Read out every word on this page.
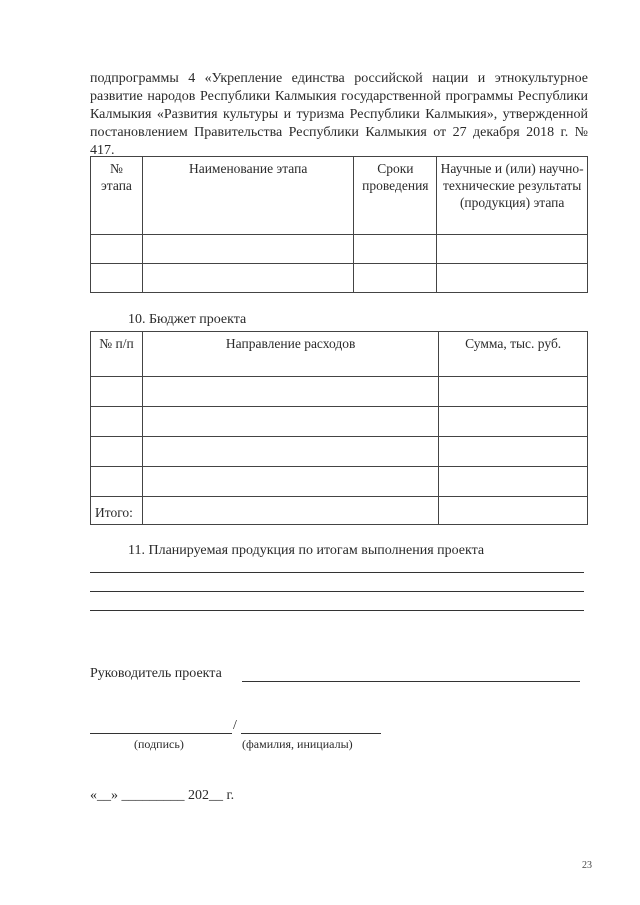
подпрограммы 4 «Укрепление единства российской нации и этнокультурное развитие народов Республики Калмыкия государственной программы Республики Калмыкия «Развития культуры и туризма Республики Калмыкия», утвержденной постановлением Правительства Республики Калмыкия от 27 декабря 2018 г. № 417.
№ этапа	Наименование этапа	Сроки проведения	Научные и (или) научно-технические результаты (продукция) этапа

10. Бюджет проекта
№ п/п	Направление расходов	Сумма, тыс. руб.

Итого:		
11. Планируемая продукция по итогам выполнения проекта
Руководитель проекта
/
(подпись)	(фамилия, инициалы)
«__» _________ 202__ г.
23
